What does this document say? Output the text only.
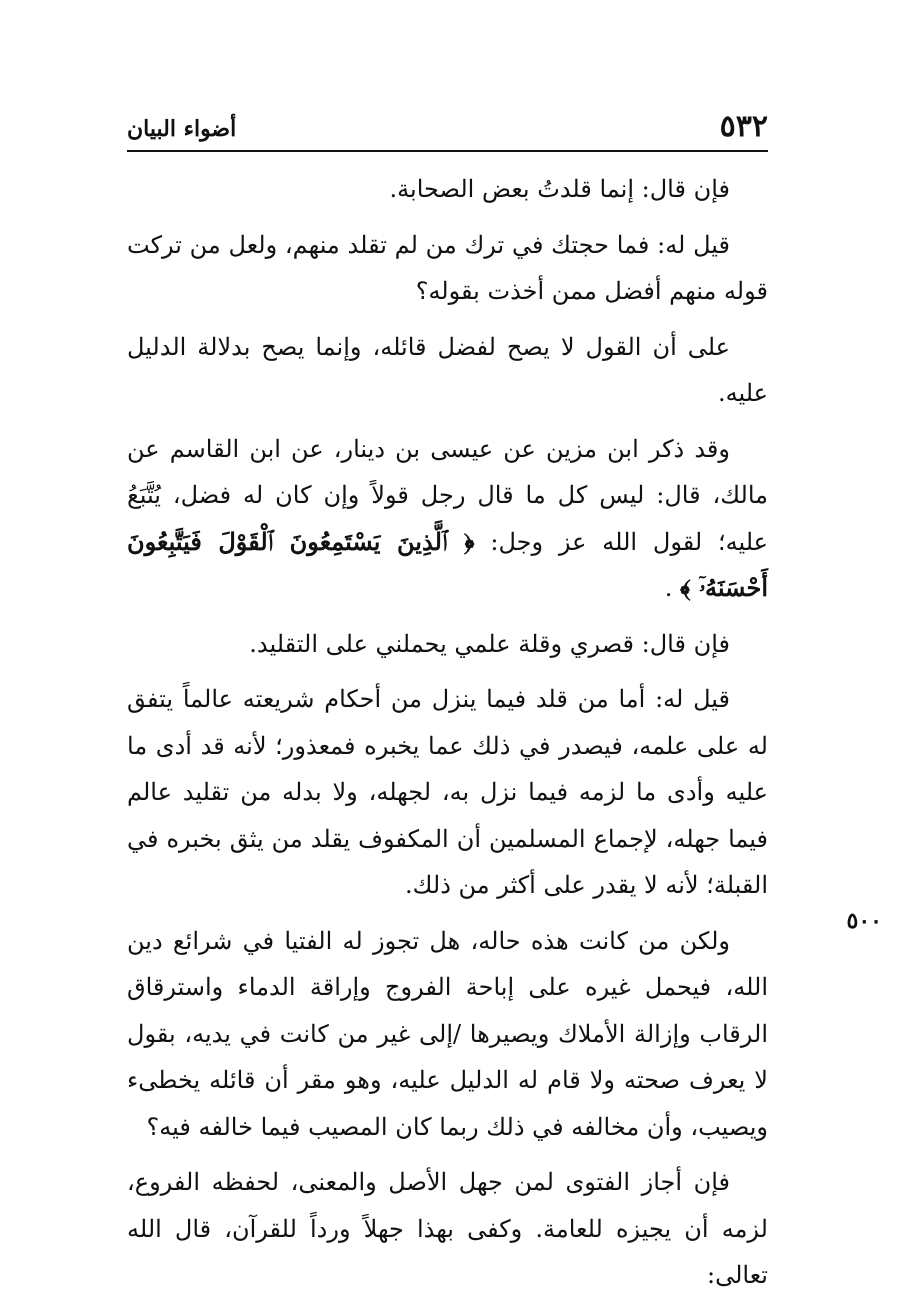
٥٣٢
أضواء البيان

فإن قال: إنما قلدتُ بعض الصحابة.

قيل له: فما حجتك في ترك من لم تقلد منهم، ولعل من تركت قوله منهم أفضل ممن أخذت بقوله؟

على أن القول لا يصح لفضل قائله، وإنما يصح بدلالة الدليل عليه.

وقد ذكر ابن مزين عن عيسى بن دينار، عن ابن القاسم عن مالك، قال: ليس كل ما قال رجل قولاً وإن كان له فضل، يُتَّبَعُ عليه؛ لقول الله عز وجل: ﴿ ٱلَّذِينَ يَسْتَمِعُونَ ٱلْقَوْلَ فَيَتَّبِعُونَ أَحْسَنَهُۥٓ ﴾ .

فإن قال: قصري وقلة علمي يحملني على التقليد.

قيل له: أما من قلد فيما ينزل من أحكام شريعته عالماً يتفق له على علمه، فيصدر في ذلك عما يخبره فمعذور؛ لأنه قد أدى ما عليه وأدى ما لزمه فيما نزل به، لجهله، ولا بدله من تقليد عالم فيما جهله، لإجماع المسلمين أن المكفوف يقلد من يثق بخبره في القبلة؛ لأنه لا يقدر على أكثر من ذلك.

ولكن من كانت هذه حاله، هل تجوز له الفتيا في شرائع دين الله، فيحمل غيره على إباحة الفروج وإراقة الدماء واسترقاق الرقاب وإزالة الأملاك ويصيرها /إلى غير من كانت في يديه، بقول لا يعرف صحته ولا قام له الدليل عليه، وهو مقر أن قائله يخطىء ويصيب، وأن مخالفه في ذلك ربما كان المصيب فيما خالفه فيه؟

فإن أجاز الفتوى لمن جهل الأصل والمعنى، لحفظه الفروع، لزمه أن يجيزه للعامة. وكفى بهذا جهلاً ورداً للقرآن، قال الله تعالى:

٥٠٠
